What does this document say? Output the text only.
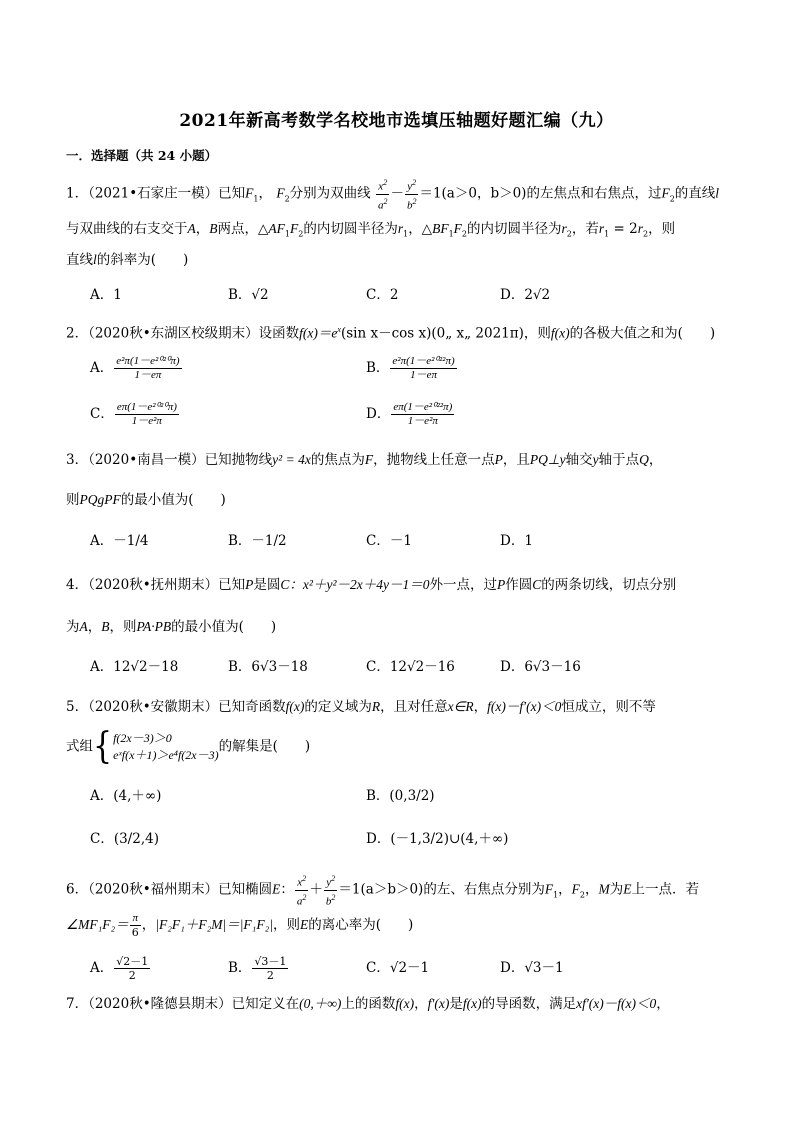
2021年新高考数学名校地市选填压轴题好题汇编（九）
一．选择题（共 24 小题）
1．（2021•石家庄一模）已知$F_1$， $F_2$分别为双曲线 $\frac{x^2}{a^2} - \frac{y^2}{b^2} =1(a>0$，b＞0)的左焦点和右焦点，过$F_2$的直线l
与双曲线的右支交于A，B两点，$\triangle AF_1F_2$的内切圆半径为$r_1$，$\triangle BF_1F_2$的内切圆半径为$r_2$，若$r_1 = 2r_2$，则
直线l的斜率为(　　)
A．1	B．√2	C．2	D．2√2
2．（2020秋•东湖区校级期末）设函数$f(x)=e^x(\sin$ x－cos x)(0„ x„ 2021π)，则f(x)的各极大值之和为(　　)
A． $\frac{\text{e²π(1－e²⁰²⁰π)}}{1-e\pi}$	B． $\frac{\text{e²π(1－e²⁰²²π)}}{1-e\pi}$
C． $\frac{\text{eπ(1－e²⁰²⁰π)}}{\text{1－e²π}}$	D． $\frac{\text{eπ(1－e²⁰²²π)}}{\text{1－e²π}}$
3．（2020•南昌一模）已知抛物线y² = 4x的焦点为F，抛物线上任意一点P，且PQ⊥y轴交y轴于点Q，
则PQgPF的最小值为(　　)
A．－1/4	B．－1/2	C．－1	D．1
4．（2020秋•抚州期末）已知P是圆C：x²＋y²－2x＋4y－1＝0外一点，过P作圆C的两条切线，切点分别
为A，B，则PA·PB的最小值为(　　)
A．12√2－18	B．6√3－18	C．12√2－16	D．6√3－16
5．（2020秋•安徽期末）已知奇函数f(x)的定义域为R，且对任意x∈R，f(x)－f′(x)＜0恒成立，则不等
式组{f(2x－3)＞0
eˣf(x＋1)＞e⁴f(2x－3)的解集是(　　)
A．(4,＋∞)	B．(0,3/2)
C．(3/2,4)	D．(－1,3/2)∪(4,＋∞)
6．（2020秋•福州期末）已知椭圆E： $\frac{x^2}{a^2} + \frac{y^2}{b^2} =1(a>b>0)$的左、右焦点分别为$F_1$，$F_2$，M为E上一点．若
∠MF₁F₂＝ $\frac{\pi}{6}$ ，|F₂F₁＋F₂M|＝|F₁F₂|，则E的离心率为(　　)
A． $\frac{√2-1}{2}$	B． $\frac{√3-1}{2}$	C．√2－1	D．√3－1
7．（2020秋•隆德县期末）已知定义在(0,＋∞)上的函数f(x)，f′(x)是f(x)的导函数，满足xf′(x)－f(x)＜0，
